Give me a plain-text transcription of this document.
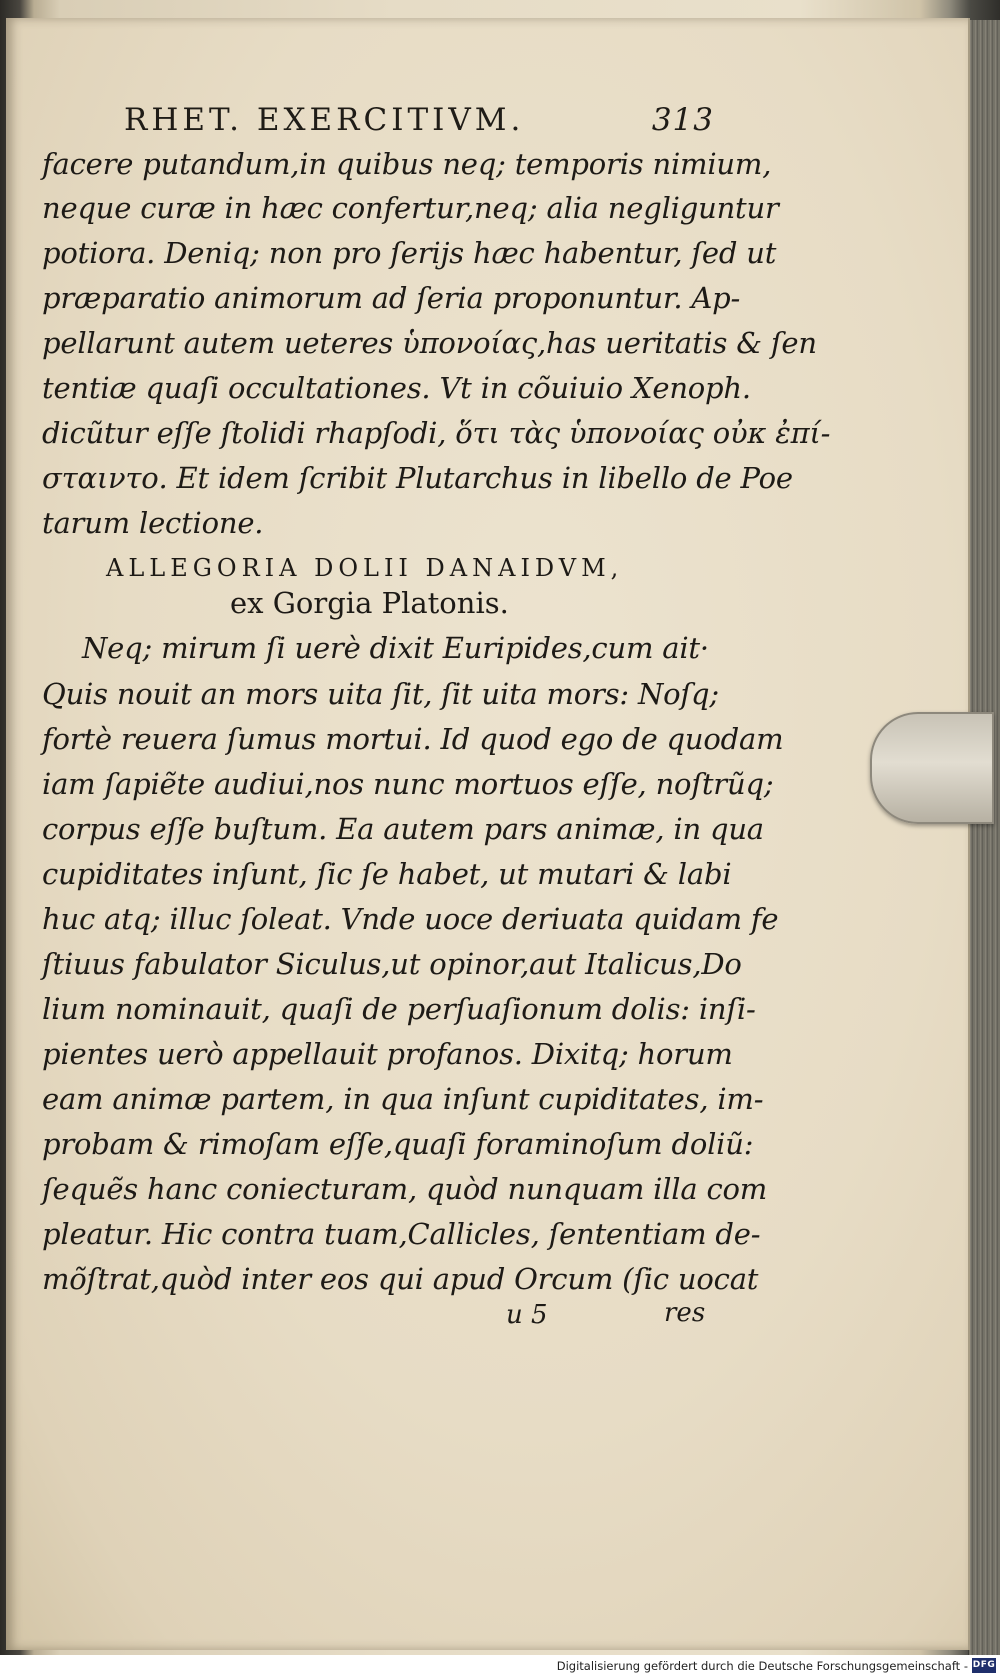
RHET. EXERCITIVM.	313
facere putandum,in quibus neq; temporis nimium,
neque curæ in hæc confertur,neq; alia negliguntur
potiora. Deniq; non pro ſerijs hæc habentur, ſed ut
præparatio animorum ad ſeria proponuntur. Ap-
pellarunt autem ueteres ὑπονοίας,has ueritatis & ſen
tentiæ quaſi occultationes. Vt in cõuiuio Xenoph.
dicũtur eſſe ſtolidi rhapſodi, ὅτι τὰς ὑπονοίας οὐκ ἐπί-
σταιντο. Et idem ſcribit Plutarchus in libello de Poe
tarum lectione.
ALLEGORIA DOLII DANAIDVM,
ex Gorgia Platonis.
Neq; mirum ſi uerè dixit Euripides,cum ait·
Quis nouit an mors uita ſit, ſit uita mors: Noſq;
fortè reuera ſumus mortui. Id quod ego de quodam
iam ſapiẽte audiui,nos nunc mortuos eſſe, noſtrũq;
corpus eſſe buſtum. Ea autem pars animæ, in qua
cupiditates inſunt, ſic ſe habet, ut mutari & labi
huc atq; illuc ſoleat. Vnde uoce deriuata quidam fe
ſtiuus fabulator Siculus,ut opinor,aut Italicus,Do
lium nominauit, quaſi de perſuaſionum dolis: inſi-
pientes uerò appellauit profanos. Dixitq; horum
eam animæ partem, in qua inſunt cupiditates, im-
probam & rimoſam eſſe,quaſi foraminoſum doliũ:
ſequẽs hanc coniecturam, quòd nunquam illa com
pleatur. Hic contra tuam,Callicles, ſententiam de-
mõſtrat,quòd inter eos qui apud Orcum (ſic uocat
u 5	res
Digitalisierung gefördert durch die Deutsche Forschungsgemeinschaft - DFG
